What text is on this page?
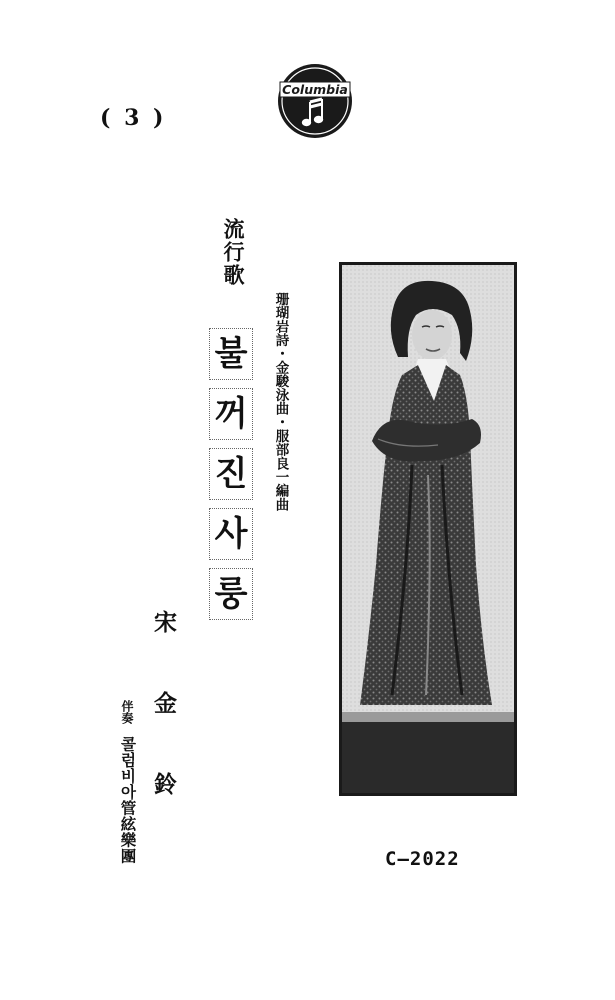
( 3 )
Columbia
流行歌
珊瑚岩詩・金駿泳曲・服部良一編曲
불
꺼
진
사
룽
宋金鈴
伴奏
콜럼비아管絃樂團	C—2022
